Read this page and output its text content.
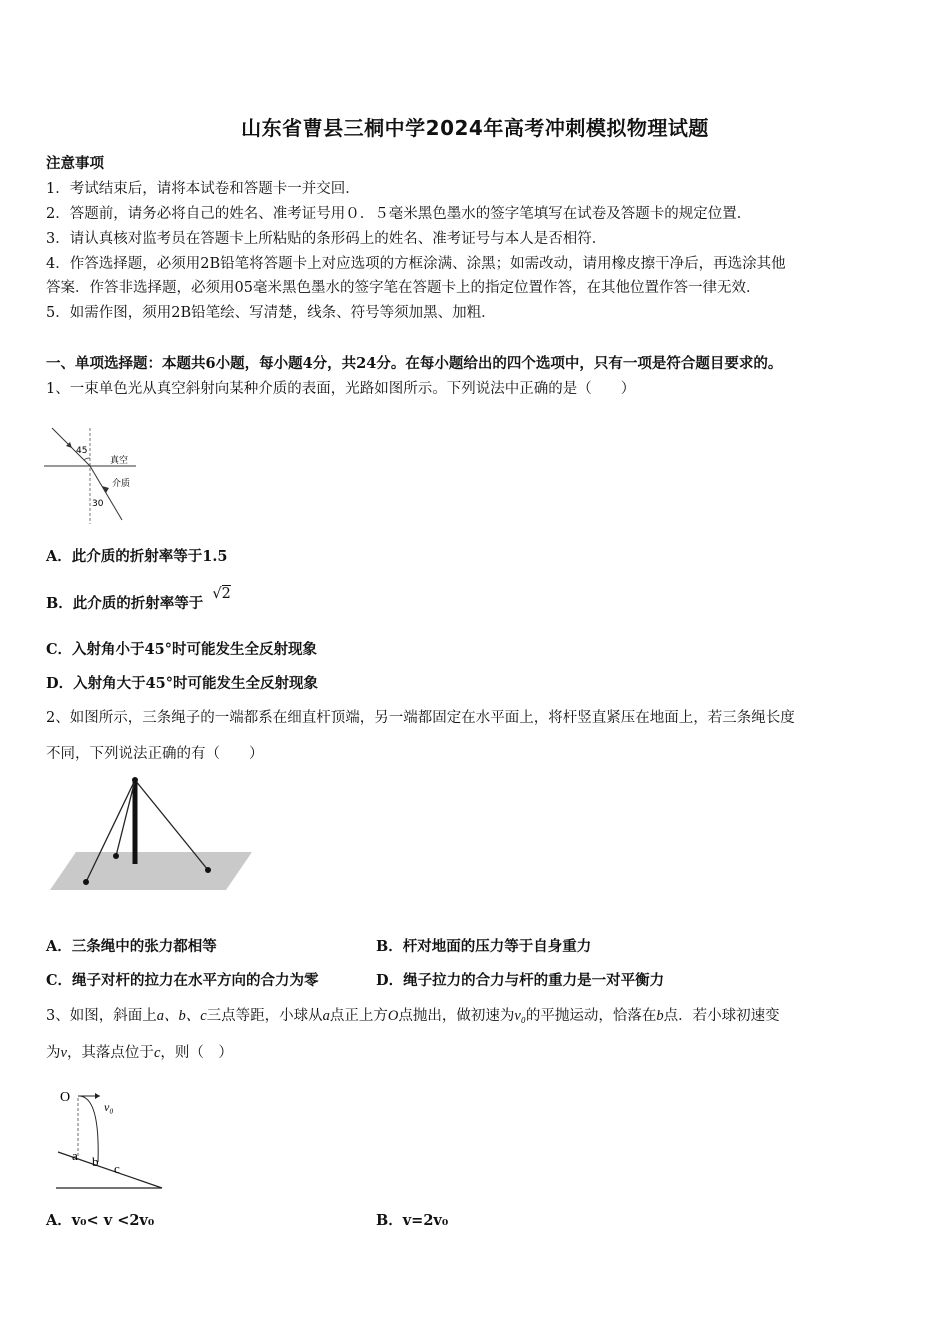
山东省曹县三桐中学2024年高考冲刺模拟物理试题
注意事项
1．考试结束后，请将本试卷和答题卡一并交回．
2．答题前，请务必将自己的姓名、准考证号用０．５毫米黑色墨水的签字笔填写在试卷及答题卡的规定位置．
3．请认真核对监考员在答题卡上所粘贴的条形码上的姓名、准考证号与本人是否相符．
4．作答选择题，必须用2B铅笔将答题卡上对应选项的方框涂满、涂黑；如需改动，请用橡皮擦干净后，再选涂其他
答案．作答非选择题，必须用05毫米黑色墨水的签字笔在答题卡上的指定位置作答，在其他位置作答一律无效．
5．如需作图，须用2B铅笔绘、写清楚，线条、符号等须加黑、加粗．
一、单项选择题：本题共6小题，每小题4分，共24分。在每小题给出的四个选项中，只有一项是符合题目要求的。
1、一束单色光从真空斜射向某种介质的表面，光路如图所示。下列说法中正确的是（　　）
45
30
真空
介质
A．此介质的折射率等于1.5
B．此介质的折射率等于 √2
C．入射角小于45°时可能发生全反射现象
D．入射角大于45°时可能发生全反射现象
2、如图所示，三条绳子的一端都系在细直杆顶端，另一端都固定在水平面上，将杆竖直紧压在地面上，若三条绳长度
不同，下列说法正确的有（　　）
A．三条绳中的张力都相等	B．杆对地面的压力等于自身重力
C．绳子对杆的拉力在水平方向的合力为零	D．绳子拉力的合力与杆的重力是一对平衡力
3、如图，斜面上a、b、c三点等距，小球从a点正上方O点抛出，做初速为v₀的平抛运动，恰落在b点．若小球初速变
为v，其落点位于c，则（　）
O
v₀
a b c
A．v₀< v <2v₀	B．v=2v₀
